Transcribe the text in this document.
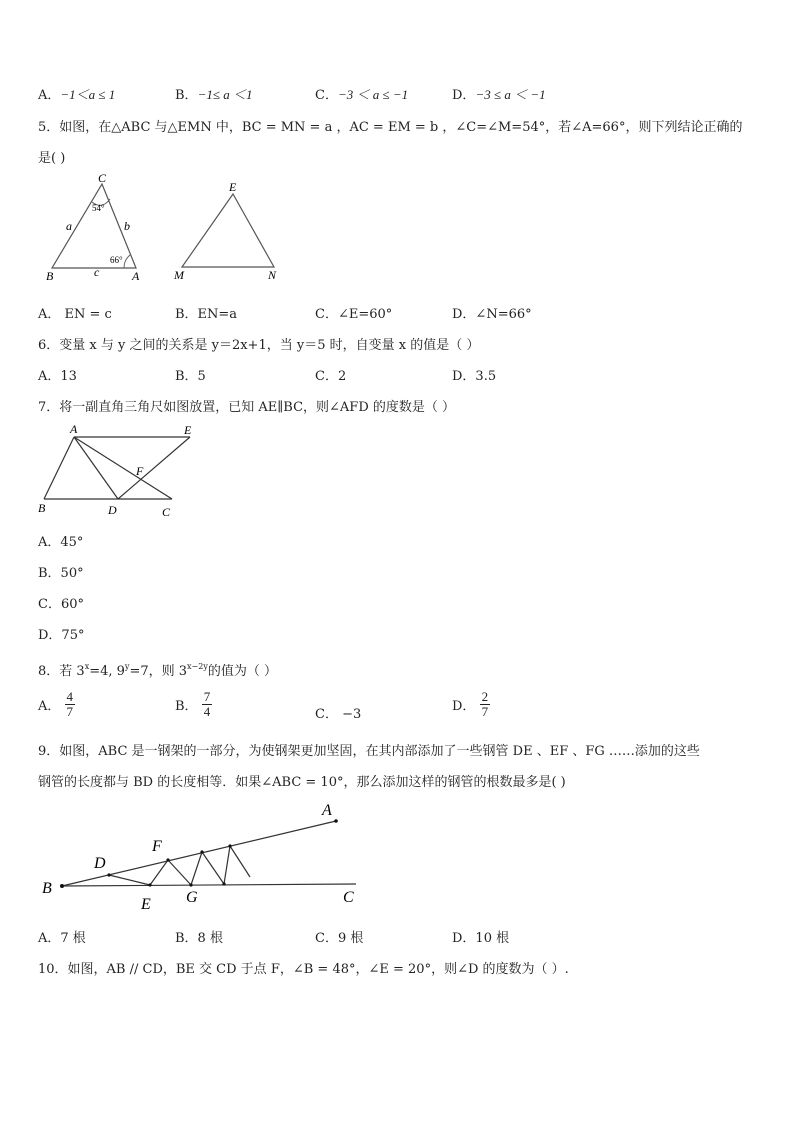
A．−1＜a ≤ 1	B．−1≤ a ＜1	C．−3 ＜ a ≤ −1	D．−3 ≤ a ＜ −1
5．如图，在△ABC 与△EMN 中，BC = MN = a ，AC = EM = b ，∠C=∠M=54°，若∠A=66°，则下列结论正确的
是( )
C
54°
a	b
66°
B	c	A
E
M	N
A． EN = c	B．EN=a	C．∠E=60°	D．∠N=66°
6．变量 x 与 y 之间的关系是 y＝2x+1，当 y＝5 时，自变量 x 的值是（ ）
A．13	B．5	C．2	D．3.5
7．将一副直角三角尺如图放置，已知 AE∥BC，则∠AFD 的度数是（ ）
A	E
F
B	D	C
A．45°
B．50°
C．60°
D．75°
8．若 $3^x=4$, $9^y=7$，则 $3^{x-2y}$的值为（ ）
A． $\frac{4}{7}$	B． $\frac{7}{4}$	C． −3
D． $\frac{2}{7}$
9．如图，ABC 是一钢架的一部分，为使钢架更加坚固，在其内部添加了一些钢管 DE 、EF 、FG ……添加的这些
钢管的长度都与 BD 的长度相等．如果∠ABC = 10°，那么添加这样的钢管的根数最多是( )
A
F
D
B
E G	C
A．7 根	B．8 根	C．9 根	D．10 根
10．如图，AB // CD，BE 交 CD 于点 F，∠B = 48°，∠E = 20°，则∠D 的度数为（ ）.
